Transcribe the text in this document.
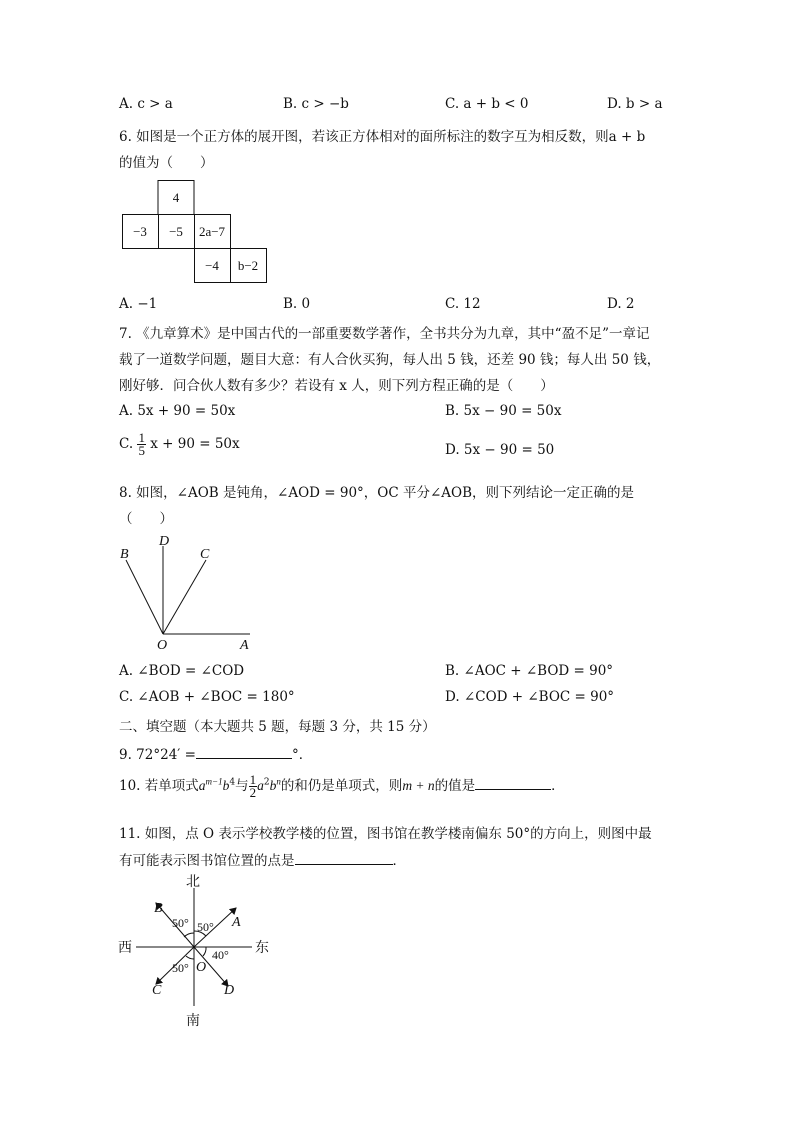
A. c > a	B. c > −b	C. a + b < 0	D. b > a
6. 如图是一个正方体的展开图，若该正方体相对的面所标注的数字互为相反数，则a + b
的值为（　　）
4
−3 −5 2a−7
−4 b−2
A. −1	B. 0	C. 12	D. 2
7. 《九章算术》是中国古代的一部重要数学著作，全书共分为九章，其中“盈不足”一章记
载了一道数学问题，题目大意：有人合伙买狗，每人出 5 钱，还差 90 钱；每人出 50 钱，
刚好够．问合伙人数有多少？若设有 x 人，则下列方程正确的是（　　）
A. 5x + 90 = 50x	B. 5x − 90 = 50x
C. $\frac{1}{5}$ x + 90 = 50x	D. 5x − 90 = 50
8. 如图，∠AOB 是钝角，∠AOD = 90°，OC 平分∠AOB，则下列结论一定正确的是
（　　）
B
D
C
O	A
A. ∠BOD = ∠COD	B. ∠AOC + ∠BOD = 90°
C. ∠AOB + ∠BOC = 180°	D. ∠COD + ∠BOC = 90°
二、填空题（本大题共 5 题，每题 3 分，共 15 分）
9. 72°24′ =	°．
10. 若单项式$a^{m-1}b^4$与 $\frac{1}{2} a^2b^n$的和仍是单项式，则m + n的值是	．
11. 如图，点 O 表示学校教学楼的位置，图书馆在教学楼南偏东 50°的方向上，则图中最
有可能表示图书馆位置的点是	．
北
南
西	东
A
B
C	D
O
50° 50°
40°
50°
